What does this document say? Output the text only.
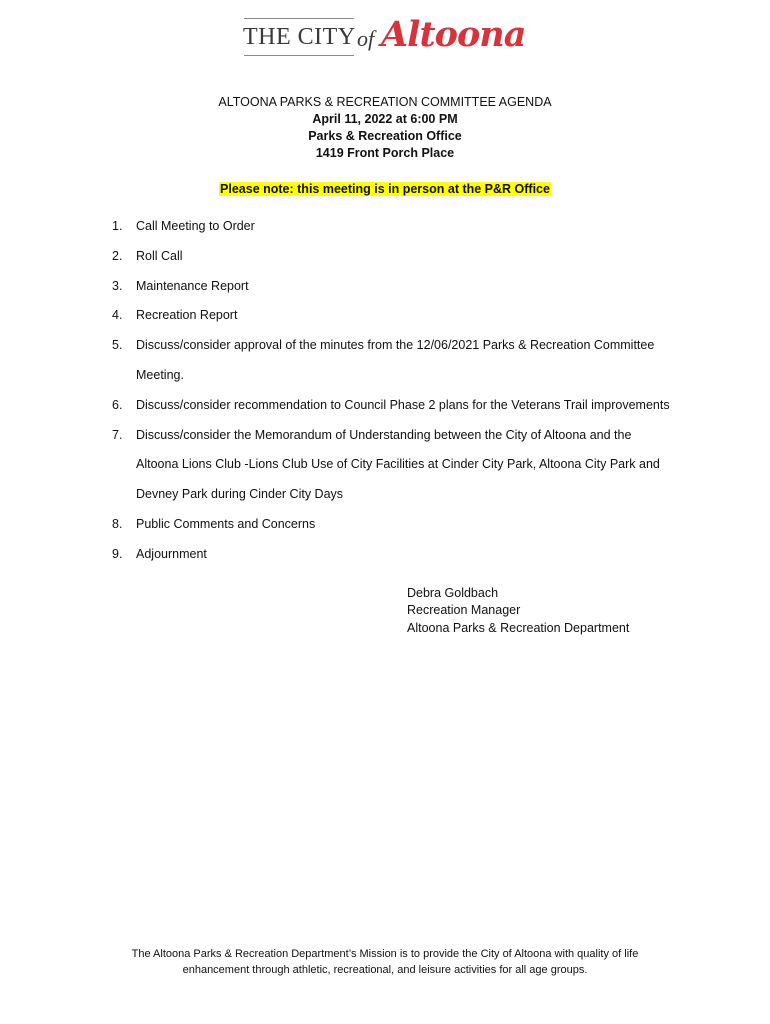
THE CITY of Altoona
ALTOONA PARKS & RECREATION COMMITTEE AGENDA
April 11, 2022 at 6:00 PM
Parks & Recreation Office
1419 Front Porch Place
Please note: this meeting is in person at the P&R Office
1. Call Meeting to Order
2. Roll Call
3. Maintenance Report
4. Recreation Report
5. Discuss/consider approval of the minutes from the 12/06/2021 Parks & Recreation Committee
Meeting.
6. Discuss/consider recommendation to Council Phase 2 plans for the Veterans Trail improvements
7. Discuss/consider the Memorandum of Understanding between the City of Altoona and the
Altoona Lions Club -Lions Club Use of City Facilities at Cinder City Park, Altoona City Park and
Devney Park during Cinder City Days
8. Public Comments and Concerns
9. Adjournment
Debra Goldbach
Recreation Manager
Altoona Parks & Recreation Department
The Altoona Parks & Recreation Department’s Mission is to provide the City of Altoona with quality of life
enhancement through athletic, recreational, and leisure activities for all age groups.
